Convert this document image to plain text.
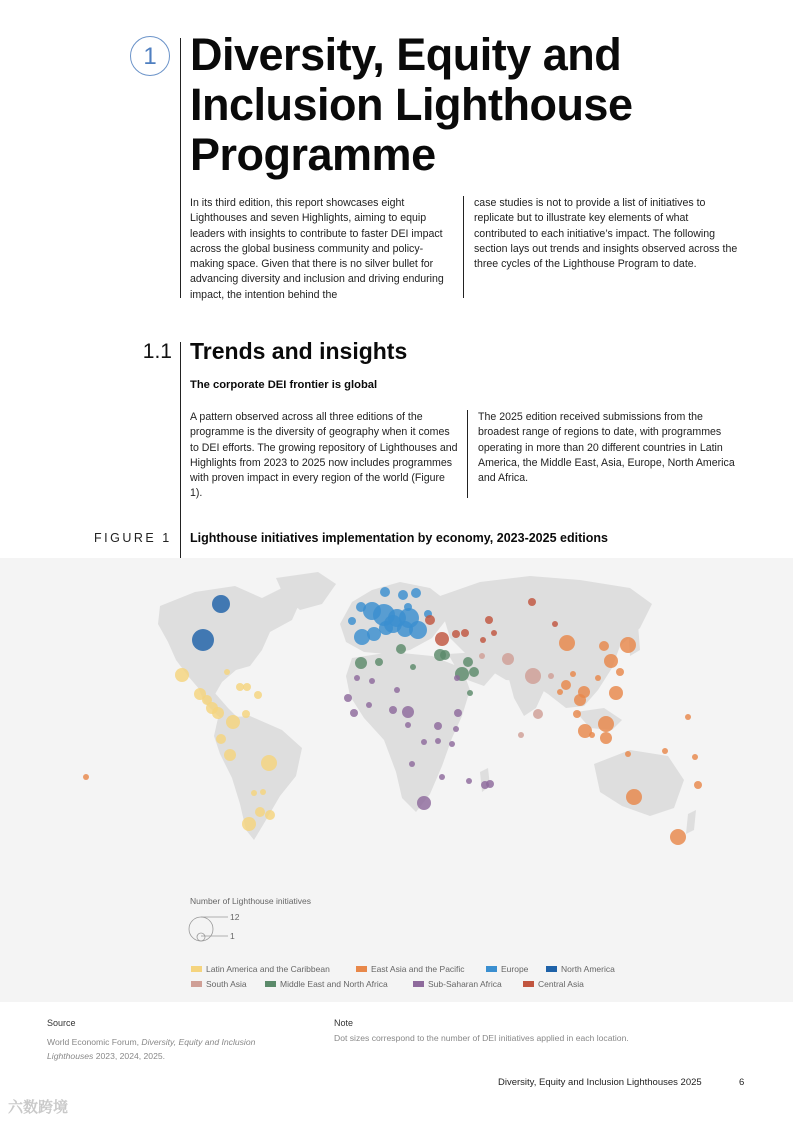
1 Diversity, Equity and Inclusion Lighthouse Programme
In its third edition, this report showcases eight Lighthouses and seven Highlights, aiming to equip leaders with insights to contribute to faster DEI impact across the global business community and policy-making space. Given that there is no silver bullet for advancing diversity and inclusion and driving enduring impact, the intention behind the
case studies is not to provide a list of initiatives to replicate but to illustrate key elements of what contributed to each initiative’s impact. The following section lays out trends and insights observed across the three cycles of the Lighthouse Program to date.
1.1 Trends and insights
The corporate DEI frontier is global
A pattern observed across all three editions of the programme is the diversity of geography when it comes to DEI efforts. The growing repository of Lighthouses and Highlights from 2023 to 2025 now includes programmes with proven impact in every region of the world (Figure 1).
The 2025 edition received submissions from the broadest range of regions to date, with programmes operating in more than 20 different countries in Latin America, the Middle East, Asia, Europe, North America and Africa.
FIGURE 1 Lighthouse initiatives implementation by economy, 2023-2025 editions
Number of Lighthouse initiatives
12
1
Latin America and the Caribbean	East Asia and the Pacific	Europe	North America
South Asia	Middle East and North Africa	Sub-Saharan Africa	Central Asia
Source
World Economic Forum, Diversity, Equity and Inclusion Lighthouses 2023, 2024, 2025.
Note
Dot sizes correspond to the number of DEI initiatives applied in each location.
Diversity, Equity and Inclusion Lighthouses 2025	6
六数跨境
